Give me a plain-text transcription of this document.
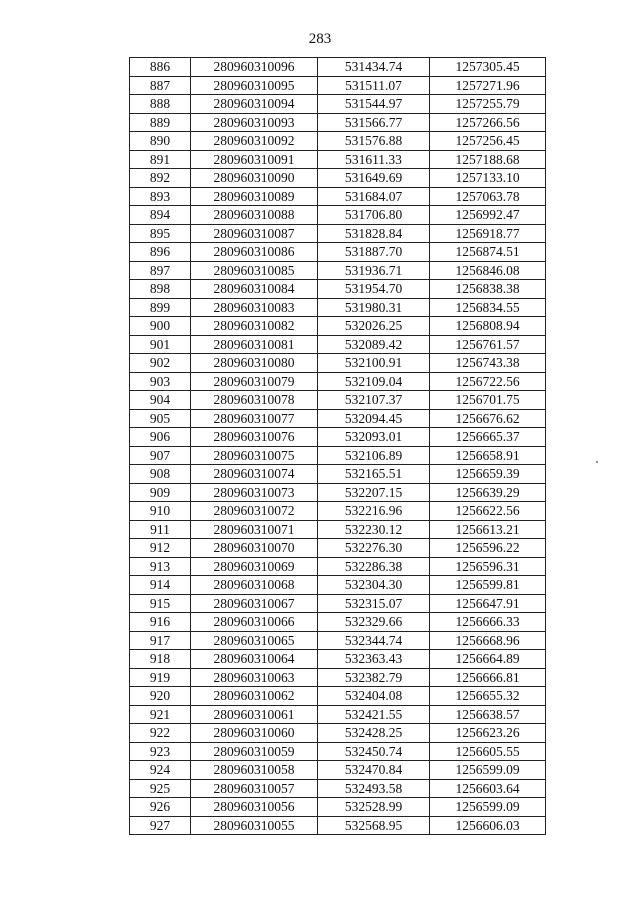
283
886	280960310096	531434.74	1257305.45
887	280960310095	531511.07	1257271.96
888	280960310094	531544.97	1257255.79
889	280960310093	531566.77	1257266.56
890	280960310092	531576.88	1257256.45
891	280960310091	531611.33	1257188.68
892	280960310090	531649.69	1257133.10
893	280960310089	531684.07	1257063.78
894	280960310088	531706.80	1256992.47
895	280960310087	531828.84	1256918.77
896	280960310086	531887.70	1256874.51
897	280960310085	531936.71	1256846.08
898	280960310084	531954.70	1256838.38
899	280960310083	531980.31	1256834.55
900	280960310082	532026.25	1256808.94
901	280960310081	532089.42	1256761.57
902	280960310080	532100.91	1256743.38
903	280960310079	532109.04	1256722.56
904	280960310078	532107.37	1256701.75
905	280960310077	532094.45	1256676.62
906	280960310076	532093.01	1256665.37
907	280960310075	532106.89	1256658.91
908	280960310074	532165.51	1256659.39
909	280960310073	532207.15	1256639.29
910	280960310072	532216.96	1256622.56
911	280960310071	532230.12	1256613.21
912	280960310070	532276.30	1256596.22
913	280960310069	532286.38	1256596.31
914	280960310068	532304.30	1256599.81
915	280960310067	532315.07	1256647.91
916	280960310066	532329.66	1256666.33
917	280960310065	532344.74	1256668.96
918	280960310064	532363.43	1256664.89
919	280960310063	532382.79	1256666.81
920	280960310062	532404.08	1256655.32
921	280960310061	532421.55	1256638.57
922	280960310060	532428.25	1256623.26
923	280960310059	532450.74	1256605.55
924	280960310058	532470.84	1256599.09
925	280960310057	532493.58	1256603.64
926	280960310056	532528.99	1256599.09
927	280960310055	532568.95	1256606.03
